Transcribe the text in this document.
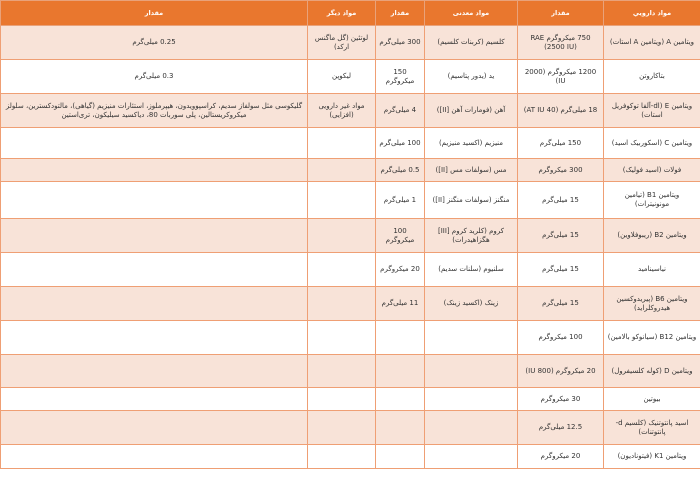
مواد دارويي	مقدار	مواد معدنی	مقدار	مواد دیگر	مقدار
ویتامین A (ویتامین A استات)	750 میکروگرم RAE (2500 IU)	کلسیم (کربنات کلسیم)	300 میلی‌گرم	لوتئین (گل ماگنس ارکد)	0.25 میلی‌گرم
بتاکاروتن	1200 میکروگرم (2000 IU)	ید (یدور پتاسیم)	150 میکروگرم	لیکوپن	0.3 میلی‌گرم
ویتامین E (dl-آلفا توکوفریل استات)	18 میلی‌گرم (40 AT IU)	آهن (فومارات آهن [II])	4 میلی‌گرم	مواد غیر دارویی (افزایی)	گلیکوسی مثل سولفاز سدیم، کراسپوویدون، هیپرملوز، استئارات منیزیم (گیاهی)، مالتودکسترین، سلولز میکروکریستالین، پلی سوربات 80، دیاکسید سیلیکون، تری‌استین
ویتامین C (اسکوربیک اسید)	150 میلی‌گرم	منیزیم (اکسید منیزیم)	100 میلی‌گرم		
فولات (اسید فولیک)	300 میکروگرم	مس (سولفات مس [II])	0.5 میلی‌گرم		
ویتامین B1 (تیامین مونونیترات)	15 میلی‌گرم	منگنز (سولفات منگنز [II])	1 میلی‌گرم		
ویتامین B2 (ریبوفلاوین)	15 میلی‌گرم	کروم (کلرید کروم [III] هگزاهیدرات)	100 میکروگرم		
نیاسینامید	15 میلی‌گرم	سلنیوم (سلنات سدیم)	20 میکروگرم		
ویتامین B6 (پیریدوکسین هیدروکلراید)	15 میلی‌گرم	زینک (اکسید زینک)	11 میلی‌گرم		
ویتامین B12 (سیانوکو بالامین)	100 میکروگرم				
ویتامین D (کوله کلسیفرول)	20 میکروگرم (800 IU)				
بیوتین	30 میکروگرم				
اسید پانتوتنیک (کلسیم d-پانتوتنات)	12.5 میلی‌گرم				
ویتامین K1 (فیتونادیون)	20 میکروگرم				
